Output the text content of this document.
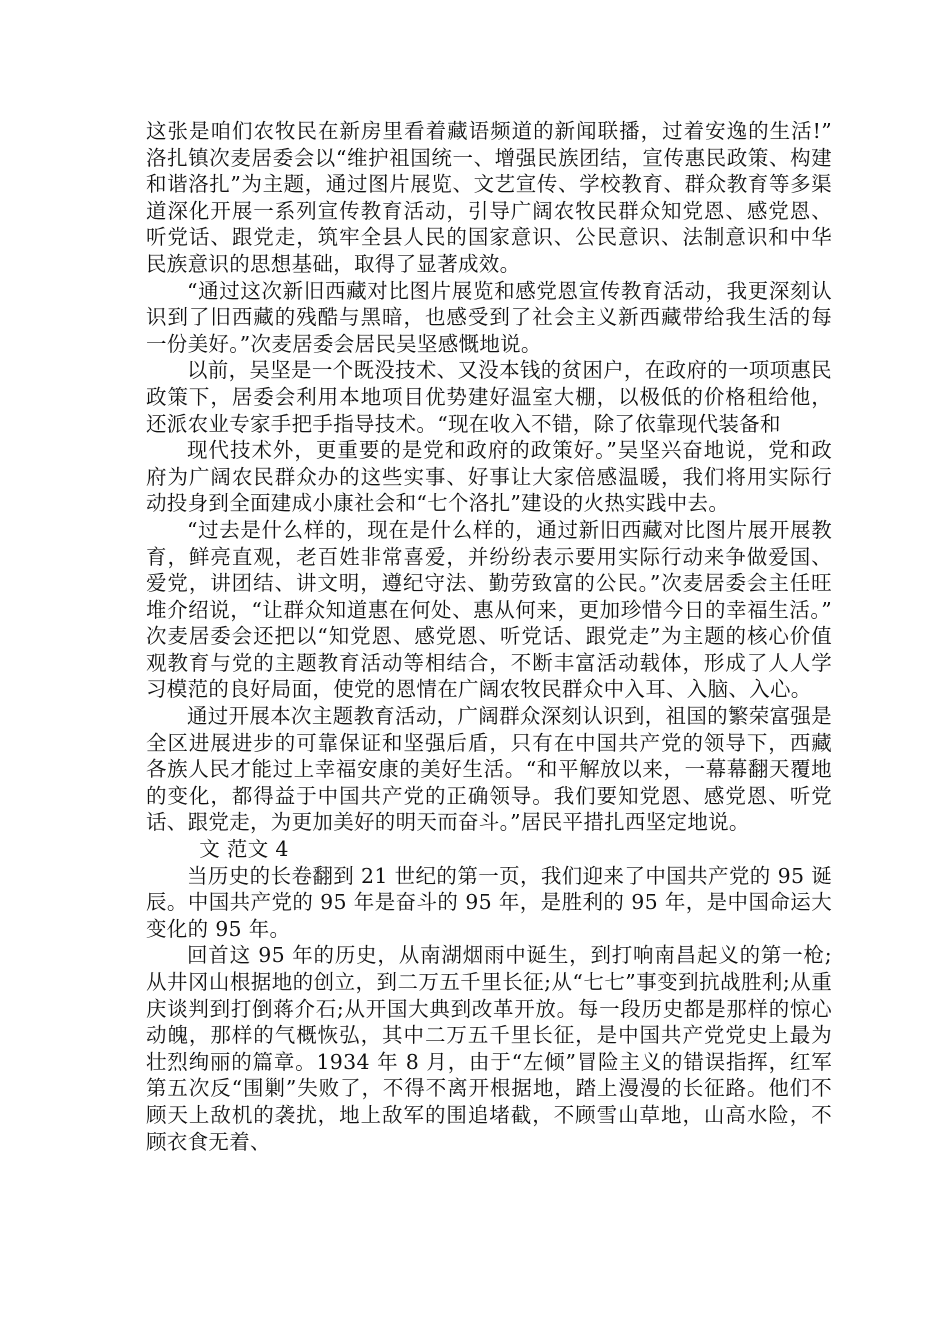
这张是咱们农牧民在新房里看着藏语频道的新闻联播，过着安逸的生活!” 洛扎镇次麦居委会以“维护祖国统一、增强民族团结，宣传惠民政策、构建和谐洛扎”为主题，通过图片展览、文艺宣传、学校教育、群众教育等多渠道深化开展一系列宣传教育活动，引导广阔农牧民群众知党恩、感党恩、听党话、跟党走，筑牢全县人民的国家意识、公民意识、法制意识和中华民族意识的思想基础，取得了显著成效。

“通过这次新旧西藏对比图片展览和感党恩宣传教育活动，我更深刻认识到了旧西藏的残酷与黑暗，也感受到了社会主义新西藏带给我生活的每一份美好。”次麦居委会居民吴坚感慨地说。

以前，吴坚是一个既没技术、又没本钱的贫困户，在政府的一项项惠民政策下，居委会利用本地项目优势建好温室大棚，以极低的价格租给他，还派农业专家手把手指导技术。“现在收入不错，除了依靠现代装备和

现代技术外，更重要的是党和政府的政策好。”吴坚兴奋地说，党和政府为广阔农民群众办的这些实事、好事让大家倍感温暖，我们将用实际行动投身到全面建成小康社会和“七个洛扎”建设的火热实践中去。

“过去是什么样的，现在是什么样的，通过新旧西藏对比图片展开展教育，鲜亮直观，老百姓非常喜爱，并纷纷表示要用实际行动来争做爱国、爱党，讲团结、讲文明，遵纪守法、勤劳致富的公民。”次麦居委会主任旺堆介绍说，“让群众知道惠在何处、惠从何来，更加珍惜今日的幸福生活。” 次麦居委会还把以“知党恩、感党恩、听党话、跟党走”为主题的核心价值观教育与党的主题教育活动等相结合，不断丰富活动载体，形成了人人学习模范的良好局面，使党的恩情在广阔农牧民群众中入耳、入脑、入心。

通过开展本次主题教育活动，广阔群众深刻认识到，祖国的繁荣富强是全区进展进步的可靠保证和坚强后盾，只有在中国共产党的领导下，西藏各族人民才能过上幸福安康的美好生活。“和平解放以来，一幕幕翻天覆地的变化，都得益于中国共产党的正确领导。我们要知党恩、感党恩、听党话、跟党走，为更加美好的明天而奋斗。”居民平措扎西坚定地说。

文 范文 4

当历史的长卷翻到 21 世纪的第一页，我们迎来了中国共产党的 95 诞辰。中国共产党的 95 年是奋斗的 95 年，是胜利的 95 年，是中国命运大变化的 95 年。

回首这 95 年的历史，从南湖烟雨中诞生，到打响南昌起义的第一枪;从井冈山根据地的创立，到二万五千里长征;从“七七”事变到抗战胜利;从重庆谈判到打倒蒋介石;从开国大典到改革开放。每一段历史都是那样的惊心动魄，那样的气概恢弘，其中二万五千里长征，是中国共产党党史上最为壮烈绚丽的篇章。1934 年 8 月，由于“左倾”冒险主义的错误指挥，红军第五次反“围剿”失败了，不得不离开根据地，踏上漫漫的长征路。他们不顾天上敌机的袭扰，地上敌军的围追堵截，不顾雪山草地，山高水险，不顾衣食无着、
